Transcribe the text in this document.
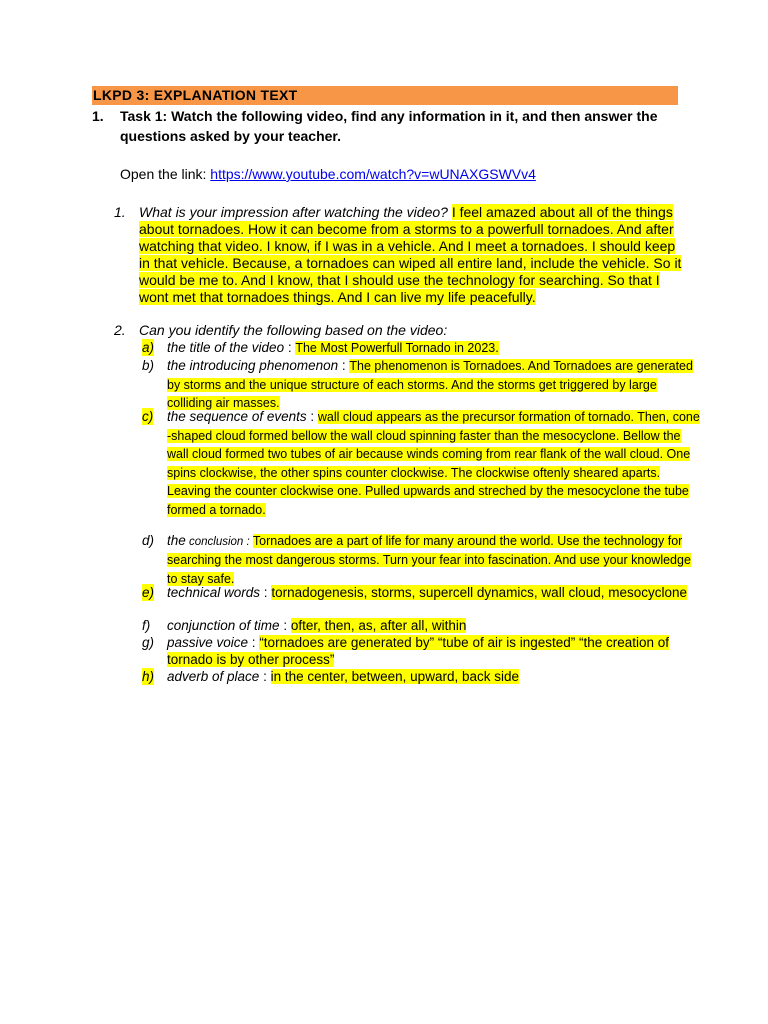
LKPD 3: EXPLANATION TEXT
1. Task 1: Watch the following video, find any information in it, and then answer the questions asked by your teacher.
Open the link: https://www.youtube.com/watch?v=wUNAXGSWVv4
1. What is your impression after watching the video? I feel amazed about all of the things about tornadoes. How it can become from a storms to a powerfull tornadoes. And after watching that video. I know, if I was in a vehicle. And I meet a tornadoes. I should keep in that vehicle. Because, a tornadoes can wiped all entire land, include the vehicle. So it would be me to. And I know, that I should use the technology for searching. So that I wont met that tornadoes things. And I can live my life peacefully.
2. Can you identify the following based on the video:
a) the title of the video : The Most Powerfull Tornado in 2023.
b) the introducing phenomenon : The phenomenon is Tornadoes. And Tornadoes are generated by storms and the unique structure of each storms. And the storms get triggered by large colliding air masses.
c) the sequence of events : wall cloud appears as the precursor formation of tornado. Then, cone -shaped cloud formed bellow the wall cloud spinning faster than the mesocyclone. Bellow the wall cloud formed two tubes of air because winds coming from rear flank of the wall cloud. One spins clockwise, the other spins counter clockwise. The clockwise oftenly sheared aparts. Leaving the counter clockwise one. Pulled upwards and streched by the mesocyclone the tube formed a tornado.
d) the conclusion : Tornadoes are a part of life for many around the world. Use the technology for searching the most dangerous storms. Turn your fear into fascination. And use your knowledge to stay safe.
e) technical words : tornadogenesis, storms, supercell dynamics, wall cloud, mesocyclone
f) conjunction of time : ofter, then, as, after all, within
g) passive voice : “tornadoes are generated by” “tube of air is ingested” “the creation of tornado is by other process”
h) adverb of place : in the center, between, upward, back side
